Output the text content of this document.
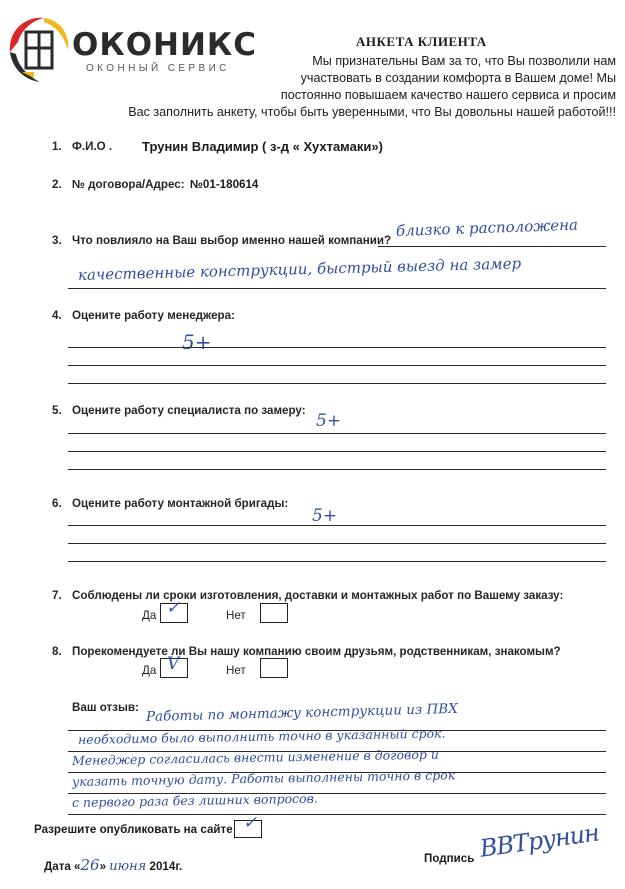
ОКОНИКС
ОКОННЫЙ СЕРВИС
АНКЕТА КЛИЕНТА
Мы признательны Вам за то, что Вы позволили нам
участвовать в создании комфорта в Вашем доме! Мы
постоянно повышаем качество нашего сервиса и просим
Вас заполнить анкету, чтобы быть уверенными, что Вы довольны нашей работой!!!
1. Ф.И.О . Трунин Владимир ( з-д « Хухтамаки»)
2. № договора/Адрес: №01-180614
3. Что повлияло на Ваш выбор именно нашей компании?
близко к расположена
качественные конструкции, быстрый выезд на замер
4. Оцените работу менеджера:
5+
5. Оцените работу специалиста по замеру:
5+
6. Оцените работу монтажной бригады:
5+
7. Соблюдены ли сроки изготовления, доставки и монтажных работ по Вашему заказу:
Да ✓	Нет
8. Порекомендуете ли Вы нашу компанию своим друзьям, родственникам, знакомым?
Да V	Нет
Ваш отзыв: Работы по монтажу конструкции из ПВХ
необходимо было выполнить точно в указанный срок.
Менеджер согласилась внести изменение в договор и
указать точную дату. Работы выполнены точно в срок
с первого раза без лишних вопросов.
Разрешите опубликовать на сайте ✓
Дата «26» июня 2014г.
Подпись ВВТрунин
